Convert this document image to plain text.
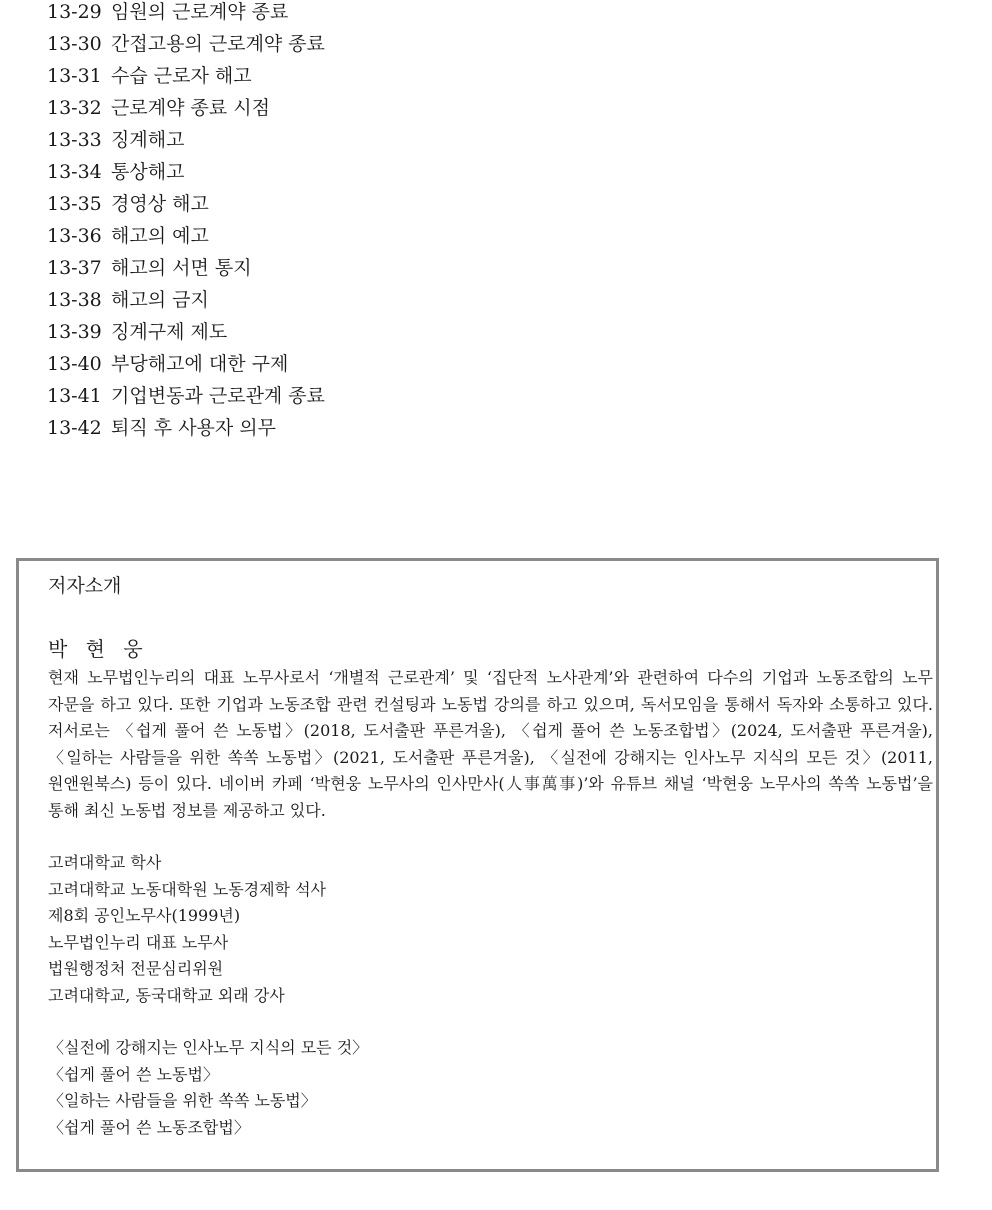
13-29 임원의 근로계약 종료
13-30 간접고용의 근로계약 종료
13-31 수습 근로자 해고
13-32 근로계약 종료 시점
13-33 징계해고
13-34 통상해고
13-35 경영상 해고
13-36 해고의 예고
13-37 해고의 서면 통지
13-38 해고의 금지
13-39 징계구제 제도
13-40 부당해고에 대한 구제
13-41 기업변동과 근로관계 종료
13-42 퇴직 후 사용자 의무
저자소개
박 현 웅
현재 노무법인누리의 대표 노무사로서 ‘개별적 근로관계’ 및 ‘집단적 노사관계’와 관련하여 다수의 기업과 노동조합의 노무 자문을 하고 있다. 또한 기업과 노동조합 관련 컨설팅과 노동법 강의를 하고 있으며, 독서모임을 통해서 독자와 소통하고 있다. 저서로는 〈쉽게 풀어 쓴 노동법〉(2018, 도서출판 푸른겨울), 〈쉽게 풀어 쓴 노동조합법〉(2024, 도서출판 푸른겨울), 〈일하는 사람들을 위한 쏙쏙 노동법〉(2021, 도서출판 푸른겨울), 〈실전에 강해지는 인사노무 지식의 모든 것〉(2011, 원앤원북스) 등이 있다. 네이버 카페 ‘박현웅 노무사의 인사만사(人事萬事)’와 유튜브 채널 ‘박현웅 노무사의 쏙쏙 노동법’을 통해 최신 노동법 정보를 제공하고 있다.
고려대학교 학사
고려대학교 노동대학원 노동경제학 석사
제8회 공인노무사(1999년)
노무법인누리 대표 노무사
법원행정처 전문심리위원
고려대학교, 동국대학교 외래 강사
〈실전에 강해지는 인사노무 지식의 모든 것〉
〈쉽게 풀어 쓴 노동법〉
〈일하는 사람들을 위한 쏙쏙 노동법〉
〈쉽게 풀어 쓴 노동조합법〉
